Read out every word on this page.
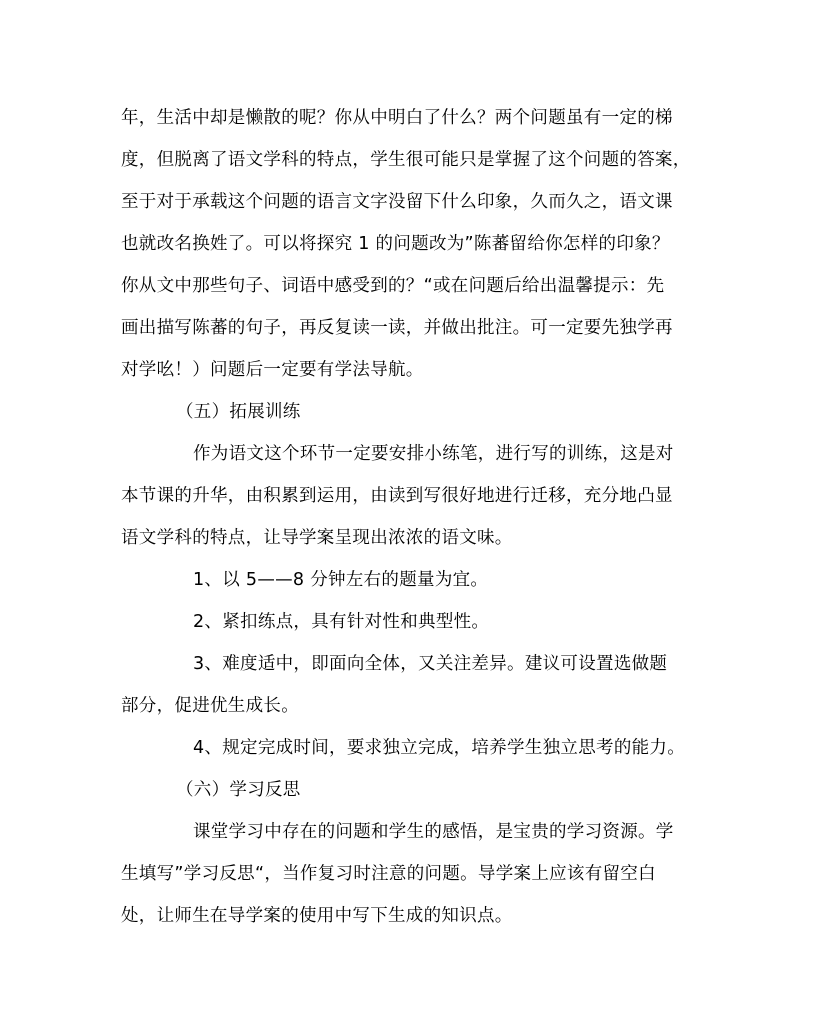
年，生活中却是懒散的呢？你从中明白了什么？两个问题虽有一定的梯
度，但脱离了语文学科的特点，学生很可能只是掌握了这个问题的答案，
至于对于承载这个问题的语言文字没留下什么印象，久而久之，语文课
也就改名换姓了。可以将探究 1 的问题改为”陈蕃留给你怎样的印象？
你从文中那些句子、词语中感受到的？“或在问题后给出温馨提示：先
画出描写陈蕃的句子，再反复读一读，并做出批注。可一定要先独学再
对学吆！）问题后一定要有学法导航。
（五）拓展训练
作为语文这个环节一定要安排小练笔，进行写的训练，这是对
本节课的升华，由积累到运用，由读到写很好地进行迁移，充分地凸显
语文学科的特点，让导学案呈现出浓浓的语文味。
1、以 5——8 分钟左右的题量为宜。
2、紧扣练点，具有针对性和典型性。
3、难度适中，即面向全体，又关注差异。建议可设置选做题
部分，促进优生成长。
4、规定完成时间，要求独立完成，培养学生独立思考的能力。
（六）学习反思
课堂学习中存在的问题和学生的感悟，是宝贵的学习资源。学
生填写”学习反思“，当作复习时注意的问题。导学案上应该有留空白
处，让师生在导学案的使用中写下生成的知识点。
